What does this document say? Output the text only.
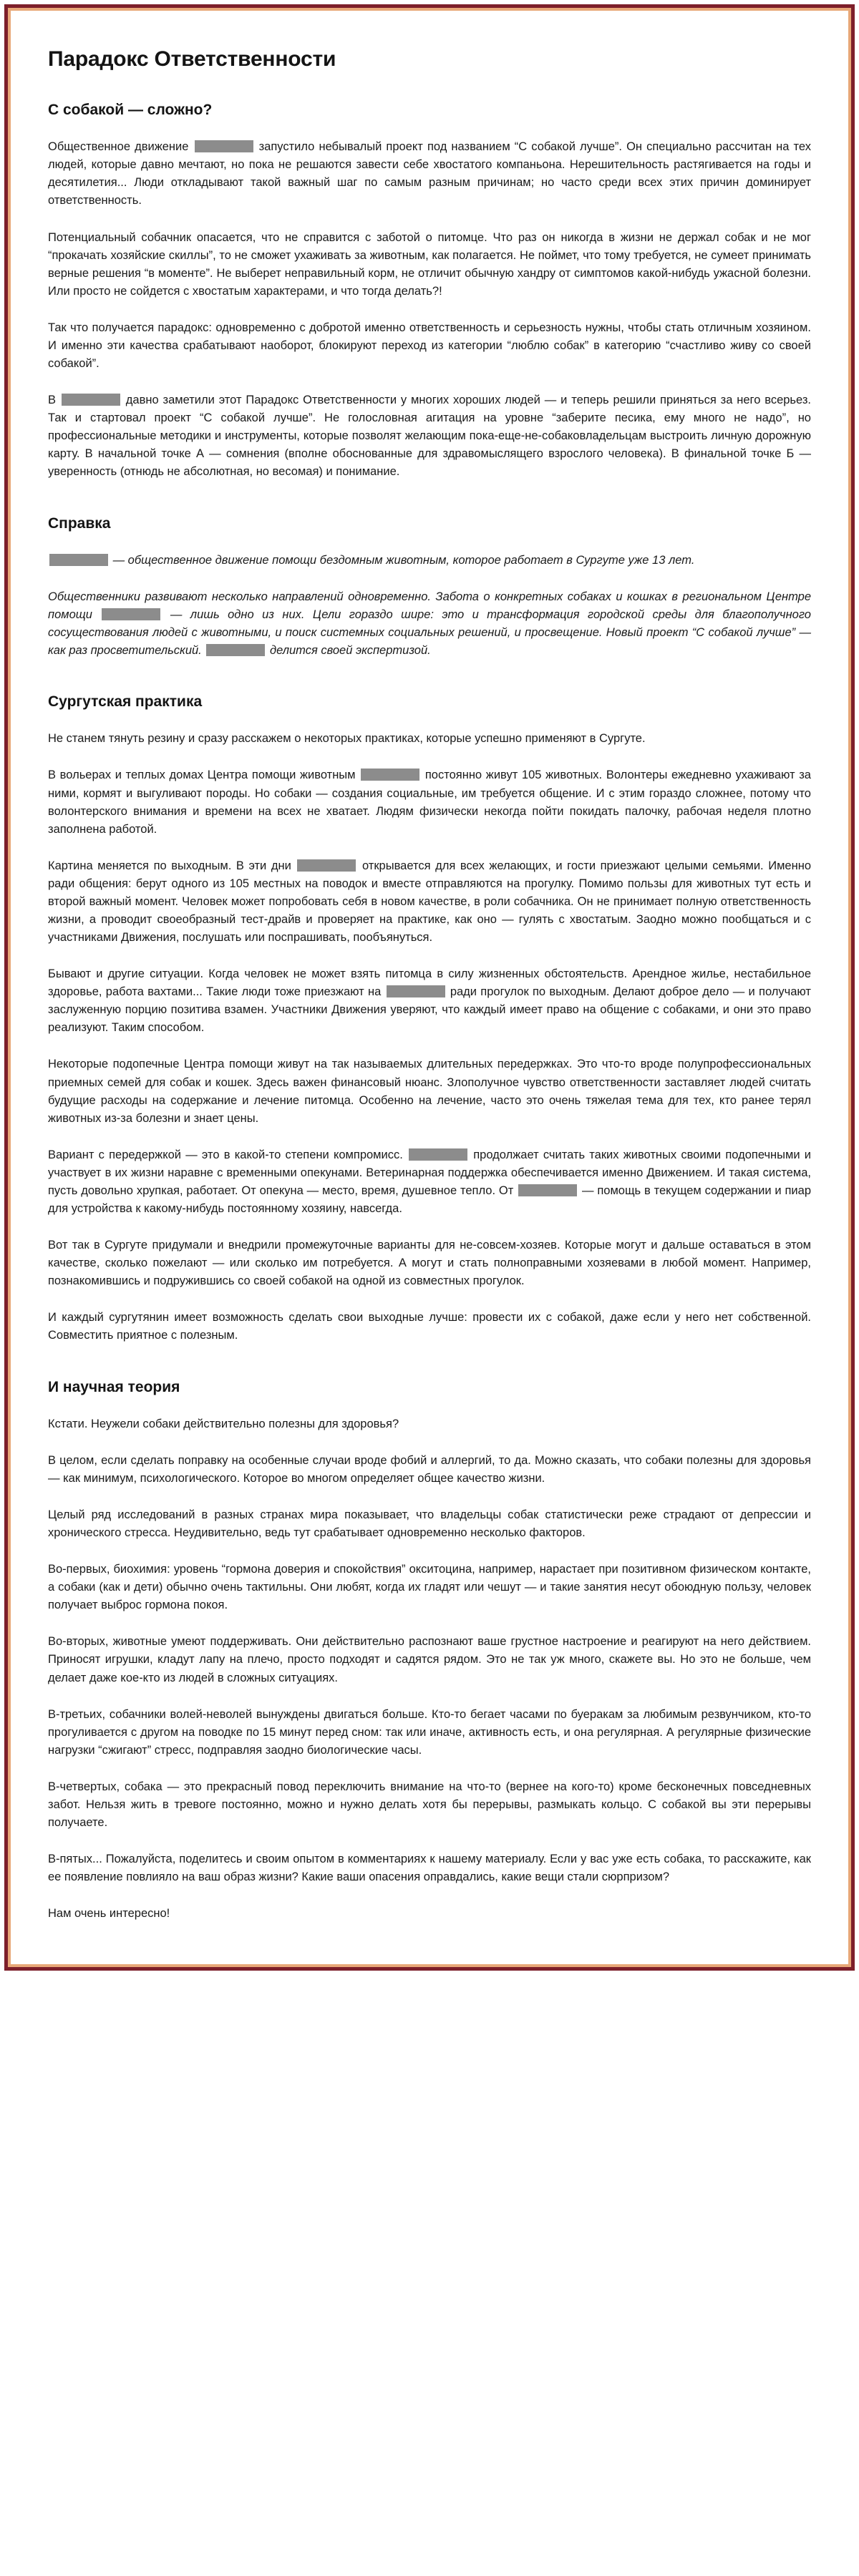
Парадокс Ответственности
С собакой — сложно?

Общественное движение	запустило небывалый проект под названием “С собакой лучше”. Он специально рассчитан на тех людей, которые давно мечтают, но пока не решаются завести себе хвостатого компаньона. Нерешительность растягивается на годы и десятилетия... Люди откладывают такой важный шаг по самым разным причинам; но часто среди всех этих причин доминирует ответственность.

Потенциальный собачник опасается, что не справится с заботой о питомце. Что раз он никогда в жизни не держал собак и не мог “прокачать хозяйские скиллы”, то не сможет ухаживать за животным, как полагается. Не поймет, что тому требуется, не сумеет принимать верные решения “в моменте”. Не выберет неправильный корм, не отличит обычную хандру от симптомов какой-нибудь ужасной болезни. Или просто не сойдется с хвостатым характерами, и что тогда делать?!

Так что получается парадокс: одновременно с добротой именно ответственность и серьезность нужны, чтобы стать отличным хозяином. И именно эти качества срабатывают наоборот, блокируют переход из категории “люблю собак” в категорию “счастливо живу со своей собакой”.

В	давно заметили этот Парадокс Ответственности у многих хороших людей — и теперь решили приняться за него всерьез. Так и стартовал проект “С собакой лучше”. Не голословная агитация на уровне “заберите песика, ему много не надо”, но профессиональные методики и инструменты, которые позволят желающим пока-еще-не-собаковладельцам выстроить личную дорожную карту. В начальной точке А — сомнения (вполне обоснованные для здравомыслящего взрослого человека). В финальной точке Б — уверенность (отнюдь не абсолютная, но весомая) и понимание.

Справка

— общественное движение помощи бездомным животным, которое работает в Сургуте уже 13 лет.

Общественники развивают несколько направлений одновременно. Забота о конкретных собаках и кошках в региональном Центре помощи	— лишь одно из них. Цели гораздо шире: это и трансформация городской среды для благополучного сосуществования людей с животными, и поиск системных социальных решений, и просвещение. Новый проект “С собакой лучше” — как раз просветительский.	делится своей экспертизой.

Сургутская практика

Не станем тянуть резину и сразу расскажем о некоторых практиках, которые успешно применяют в Сургуте.

В вольерах и теплых домах Центра помощи животным	постоянно живут 105 животных. Волонтеры ежедневно ухаживают за ними, кормят и выгуливают породы. Но собаки — создания социальные, им требуется общение. И с этим гораздо сложнее, потому что волонтерского внимания и времени на всех не хватает. Людям физически некогда пойти покидать палочку, рабочая неделя плотно заполнена работой.

Картина меняется по выходным. В эти дни	открывается для всех желающих, и гости приезжают целыми семьями. Именно ради общения: берут одного из 105 местных на поводок и вместе отправляются на прогулку. Помимо пользы для животных тут есть и второй важный момент. Человек может попробовать себя в новом качестве, в роли собачника. Он не принимает полную ответственность жизни, а проводит своеобразный тест-драйв и проверяет на практике, как оно — гулять с хвостатым. Заодно можно пообщаться и с участниками Движения, послушать или поспрашивать, пообъянуться.

Бывают и другие ситуации. Когда человек не может взять питомца в силу жизненных обстоятельств. Арендное жилье, нестабильное здоровье, работа вахтами... Такие люди тоже приезжают на	ради прогулок по выходным. Делают доброе дело — и получают заслуженную порцию позитива взамен. Участники Движения уверяют, что каждый имеет право на общение с собаками, и они это право реализуют. Таким способом.

Некоторые подопечные Центра помощи живут на так называемых длительных передержках. Это что-то вроде полупрофессиональных приемных семей для собак и кошек. Здесь важен финансовый нюанс. Злополучное чувство ответственности заставляет людей считать будущие расходы на содержание и лечение питомца. Особенно на лечение, часто это очень тяжелая тема для тех, кто ранее терял животных из-за болезни и знает цены.

Вариант с передержкой — это в какой-то степени компромисс.	продолжает считать таких животных своими подопечными и участвует в их жизни наравне с временными опекунами. Ветеринарная поддержка обеспечивается именно Движением. И такая система, пусть довольно хрупкая, работает. От опекуна — место, время, душевное тепло. От	— помощь в текущем содержании и пиар для устройства к какому-нибудь постоянному хозяину, навсегда.

Вот так в Сургуте придумали и внедрили промежуточные варианты для не-совсем-хозяев. Которые могут и дальше оставаться в этом качестве, сколько пожелают — или сколько им потребуется. А могут и стать полноправными хозяевами в любой момент. Например, познакомившись и подружившись со своей собакой на одной из совместных прогулок.

И каждый сургутянин имеет возможность сделать свои выходные лучше: провести их с собакой, даже если у него нет собственной. Совместить приятное с полезным.

И научная теория

Кстати. Неужели собаки действительно полезны для здоровья?

В целом, если сделать поправку на особенные случаи вроде фобий и аллергий, то да. Можно сказать, что собаки полезны для здоровья — как минимум, психологического. Которое во многом определяет общее качество жизни.

Целый ряд исследований в разных странах мира показывает, что владельцы собак статистически реже страдают от депрессии и хронического стресса. Неудивительно, ведь тут срабатывает одновременно несколько факторов.

Во-первых, биохимия: уровень “гормона доверия и спокойствия” окситоцина, например, нарастает при позитивном физическом контакте, а собаки (как и дети) обычно очень тактильны. Они любят, когда их гладят или чешут — и такие занятия несут обоюдную пользу, человек получает выброс гормона покоя.

Во-вторых, животные умеют поддерживать. Они действительно распознают ваше грустное настроение и реагируют на него действием. Приносят игрушки, кладут лапу на плечо, просто подходят и садятся рядом. Это не так уж много, скажете вы. Но это не больше, чем делает даже кое-кто из людей в сложных ситуациях.

В-третьих, собачники волей-неволей вынуждены двигаться больше. Кто-то бегает часами по буеракам за любимым резвунчиком, кто-то прогуливается с другом на поводке по 15 минут перед сном: так или иначе, активность есть, и она регулярная. А регулярные физические нагрузки “сжигают” стресс, подправляя заодно биологические часы.

В-четвертых, собака — это прекрасный повод переключить внимание на что-то (вернее на кого-то) кроме бесконечных повседневных забот. Нельзя жить в тревоге постоянно, можно и нужно делать хотя бы перерывы, размыкать кольцо. С собакой вы эти перерывы получаете.

В-пятых... Пожалуйста, поделитесь и своим опытом в комментариях к нашему материалу. Если у вас уже есть собака, то расскажите, как ее появление повлияло на ваш образ жизни? Какие ваши опасения оправдались, какие вещи стали сюрпризом?

Нам очень интересно!
